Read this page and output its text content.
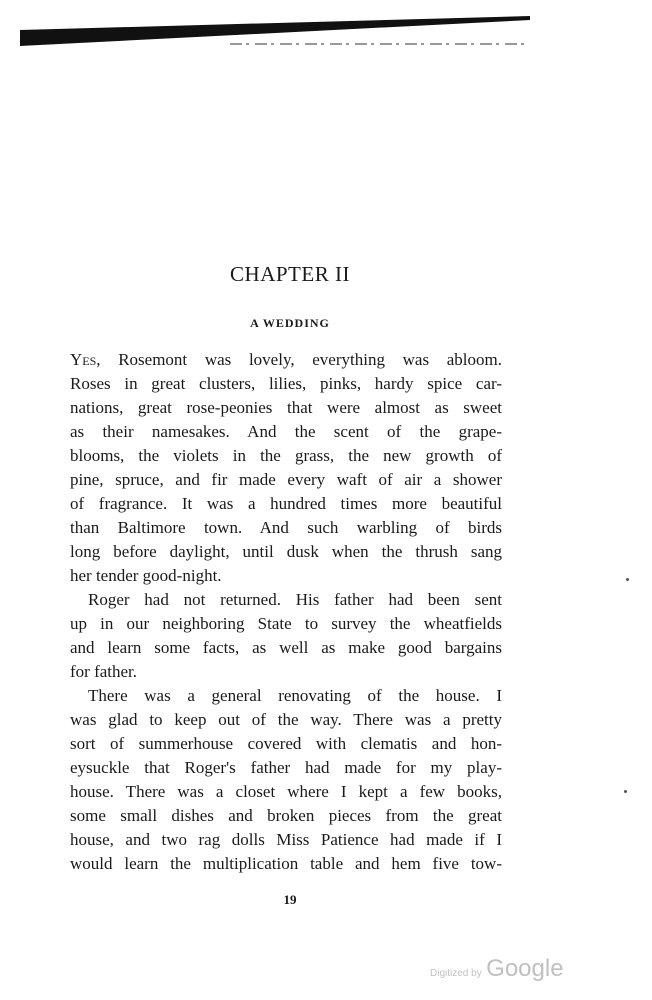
CHAPTER II
A WEDDING
Yes, Rosemont was lovely, everything was abloom.
Roses in great clusters, lilies, pinks, hardy spice car-
nations, great rose-peonies that were almost as sweet
as their namesakes. And the scent of the grape-
blooms, the violets in the grass, the new growth of
pine, spruce, and fir made every waft of air a shower
of fragrance. It was a hundred times more beautiful
than Baltimore town. And such warbling of birds
long before daylight, until dusk when the thrush sang
her tender good-night.
Roger had not returned. His father had been sent
up in our neighboring State to survey the wheatfields
and learn some facts, as well as make good bargains
for father.
There was a general renovating of the house. I
was glad to keep out of the way. There was a pretty
sort of summerhouse covered with clematis and hon-
eysuckle that Roger's father had made for my play-
house. There was a closet where I kept a few books,
some small dishes and broken pieces from the great
house, and two rag dolls Miss Patience had made if I
would learn the multiplication table and hem five tow-
19
Digitized by Google
